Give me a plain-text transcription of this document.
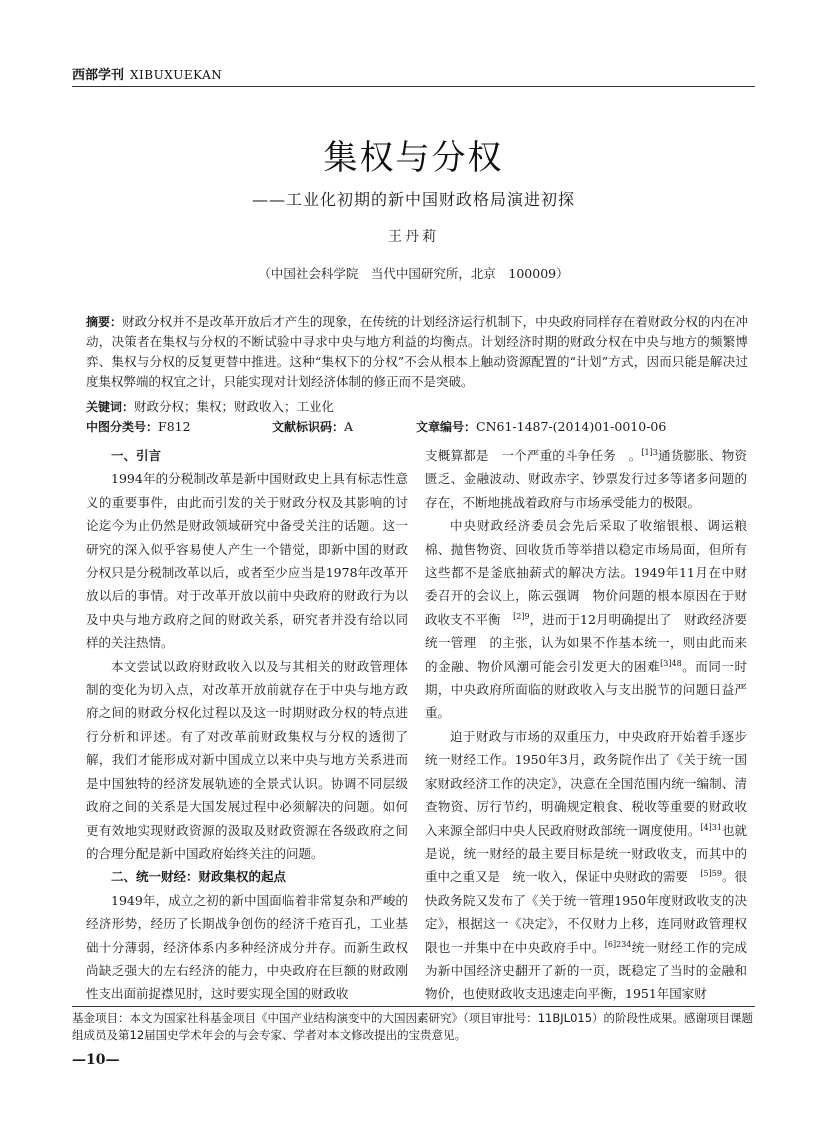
西部学刊 XIBUXUEKAN
集权与分权
——工业化初期的新中国财政格局演进初探
王丹莉
（中国社会科学院　当代中国研究所，北京　100009）
摘要：财政分权并不是改革开放后才产生的现象，在传统的计划经济运行机制下，中央政府同样存在着财政分权的内在冲动，决策者在集权与分权的不断试验中寻求中央与地方利益的均衡点。计划经济时期的财政分权在中央与地方的频繁博弈、集权与分权的反复更替中推进。这种“集权下的分权”不会从根本上触动资源配置的“计划”方式，因而只能是解决过度集权弊端的权宜之计，只能实现对计划经济体制的修正而不是突破。
关键词：财政分权；集权；财政收入；工业化
中图分类号：F812	文献标识码：A	文章编号：CN61-1487-(2014)01-0010-06
一、引言

1994年的分税制改革是新中国财政史上具有标志性意义的重要事件，由此而引发的关于财政分权及其影响的讨论迄今为止仍然是财政领域研究中备受关注的话题。这一研究的深入似乎容易使人产生一个错觉，即新中国的财政分权只是分税制改革以后，或者至少应当是1978年改革开放以后的事情。对于改革开放以前中央政府的财政行为以及中央与地方政府之间的财政关系，研究者并没有给以同样的关注热情。

本文尝试以政府财政收入以及与其相关的财政管理体制的变化为切入点，对改革开放前就存在于中央与地方政府之间的财政分权化过程以及这一时期财政分权的特点进行分析和评述。有了对改革前财政集权与分权的透彻了解，我们才能形成对新中国成立以来中央与地方关系进而是中国独特的经济发展轨迹的全景式认识。协调不同层级政府之间的关系是大国发展过程中必须解决的问题。如何更有效地实现财政资源的汲取及财政资源在各级政府之间的合理分配是新中国政府始终关注的问题。

二、统一财经：财政集权的起点

1949年，成立之初的新中国面临着非常复杂和严峻的经济形势，经历了长期战争创伤的经济千疮百孔，工业基础十分薄弱，经济体系内多种经济成分并存。而新生政权尚缺乏强大的左右经济的能力，中央政府在巨额的财政刚性支出面前捉襟见肘，这时要实现全国的财政收

支概算都是　一个严重的斗争任务　。$^{[1]3}$通货膨胀、物资匮乏、金融波动、财政赤字、钞票发行过多等诸多问题的存在，不断地挑战着政府与市场承受能力的极限。

中央财政经济委员会先后采取了收缩银根、调运粮棉、抛售物资、回收货币等举措以稳定市场局面，但所有这些都不是釜底抽薪式的解决方法。1949年11月在中财委召开的会议上，陈云强调　物价问题的根本原因在于财政收支不平衡　$^{[2]9}$，进而于12月明确提出了　财政经济要统一管理　的主张，认为如果不作基本统一，则由此而来的金融、物价风潮可能会引发更大的困难$^{[3]48}$。而同一时期，中央政府所面临的财政收入与支出脱节的问题日益严重。

迫于财政与市场的双重压力，中央政府开始着手逐步统一财经工作。1950年3月，政务院作出了《关于统一国家财政经济工作的决定》，决意在全国范围内统一编制、清查物资、厉行节约，明确规定粮食、税收等重要的财政收入来源全部归中央人民政府财政部统一调度使用。$^{[4]31}$也就是说，统一财经的最主要目标是统一财政收支，而其中的重中之重又是　统一收入，保证中央财政的需要　$^{[5]59}$。很快政务院又发布了《关于统一管理1950年度财政收支的决定》，根据这一《决定》，不仅财力上移，连同财政管理权限也一并集中在中央政府手中。$^{[6]234}$统一财经工作的完成为新中国经济史翻开了新的一页，既稳定了当时的金融和物价，也使财政收支迅速走向平衡，1951年国家财

基金项目：本文为国家社科基金项目《中国产业结构演变中的大国因素研究》（项目审批号：11BJL015）的阶段性成果。感谢项目课题组成员及第12届国史学术年会的与会专家、学者对本文修改提出的宝贵意见。
—10—
